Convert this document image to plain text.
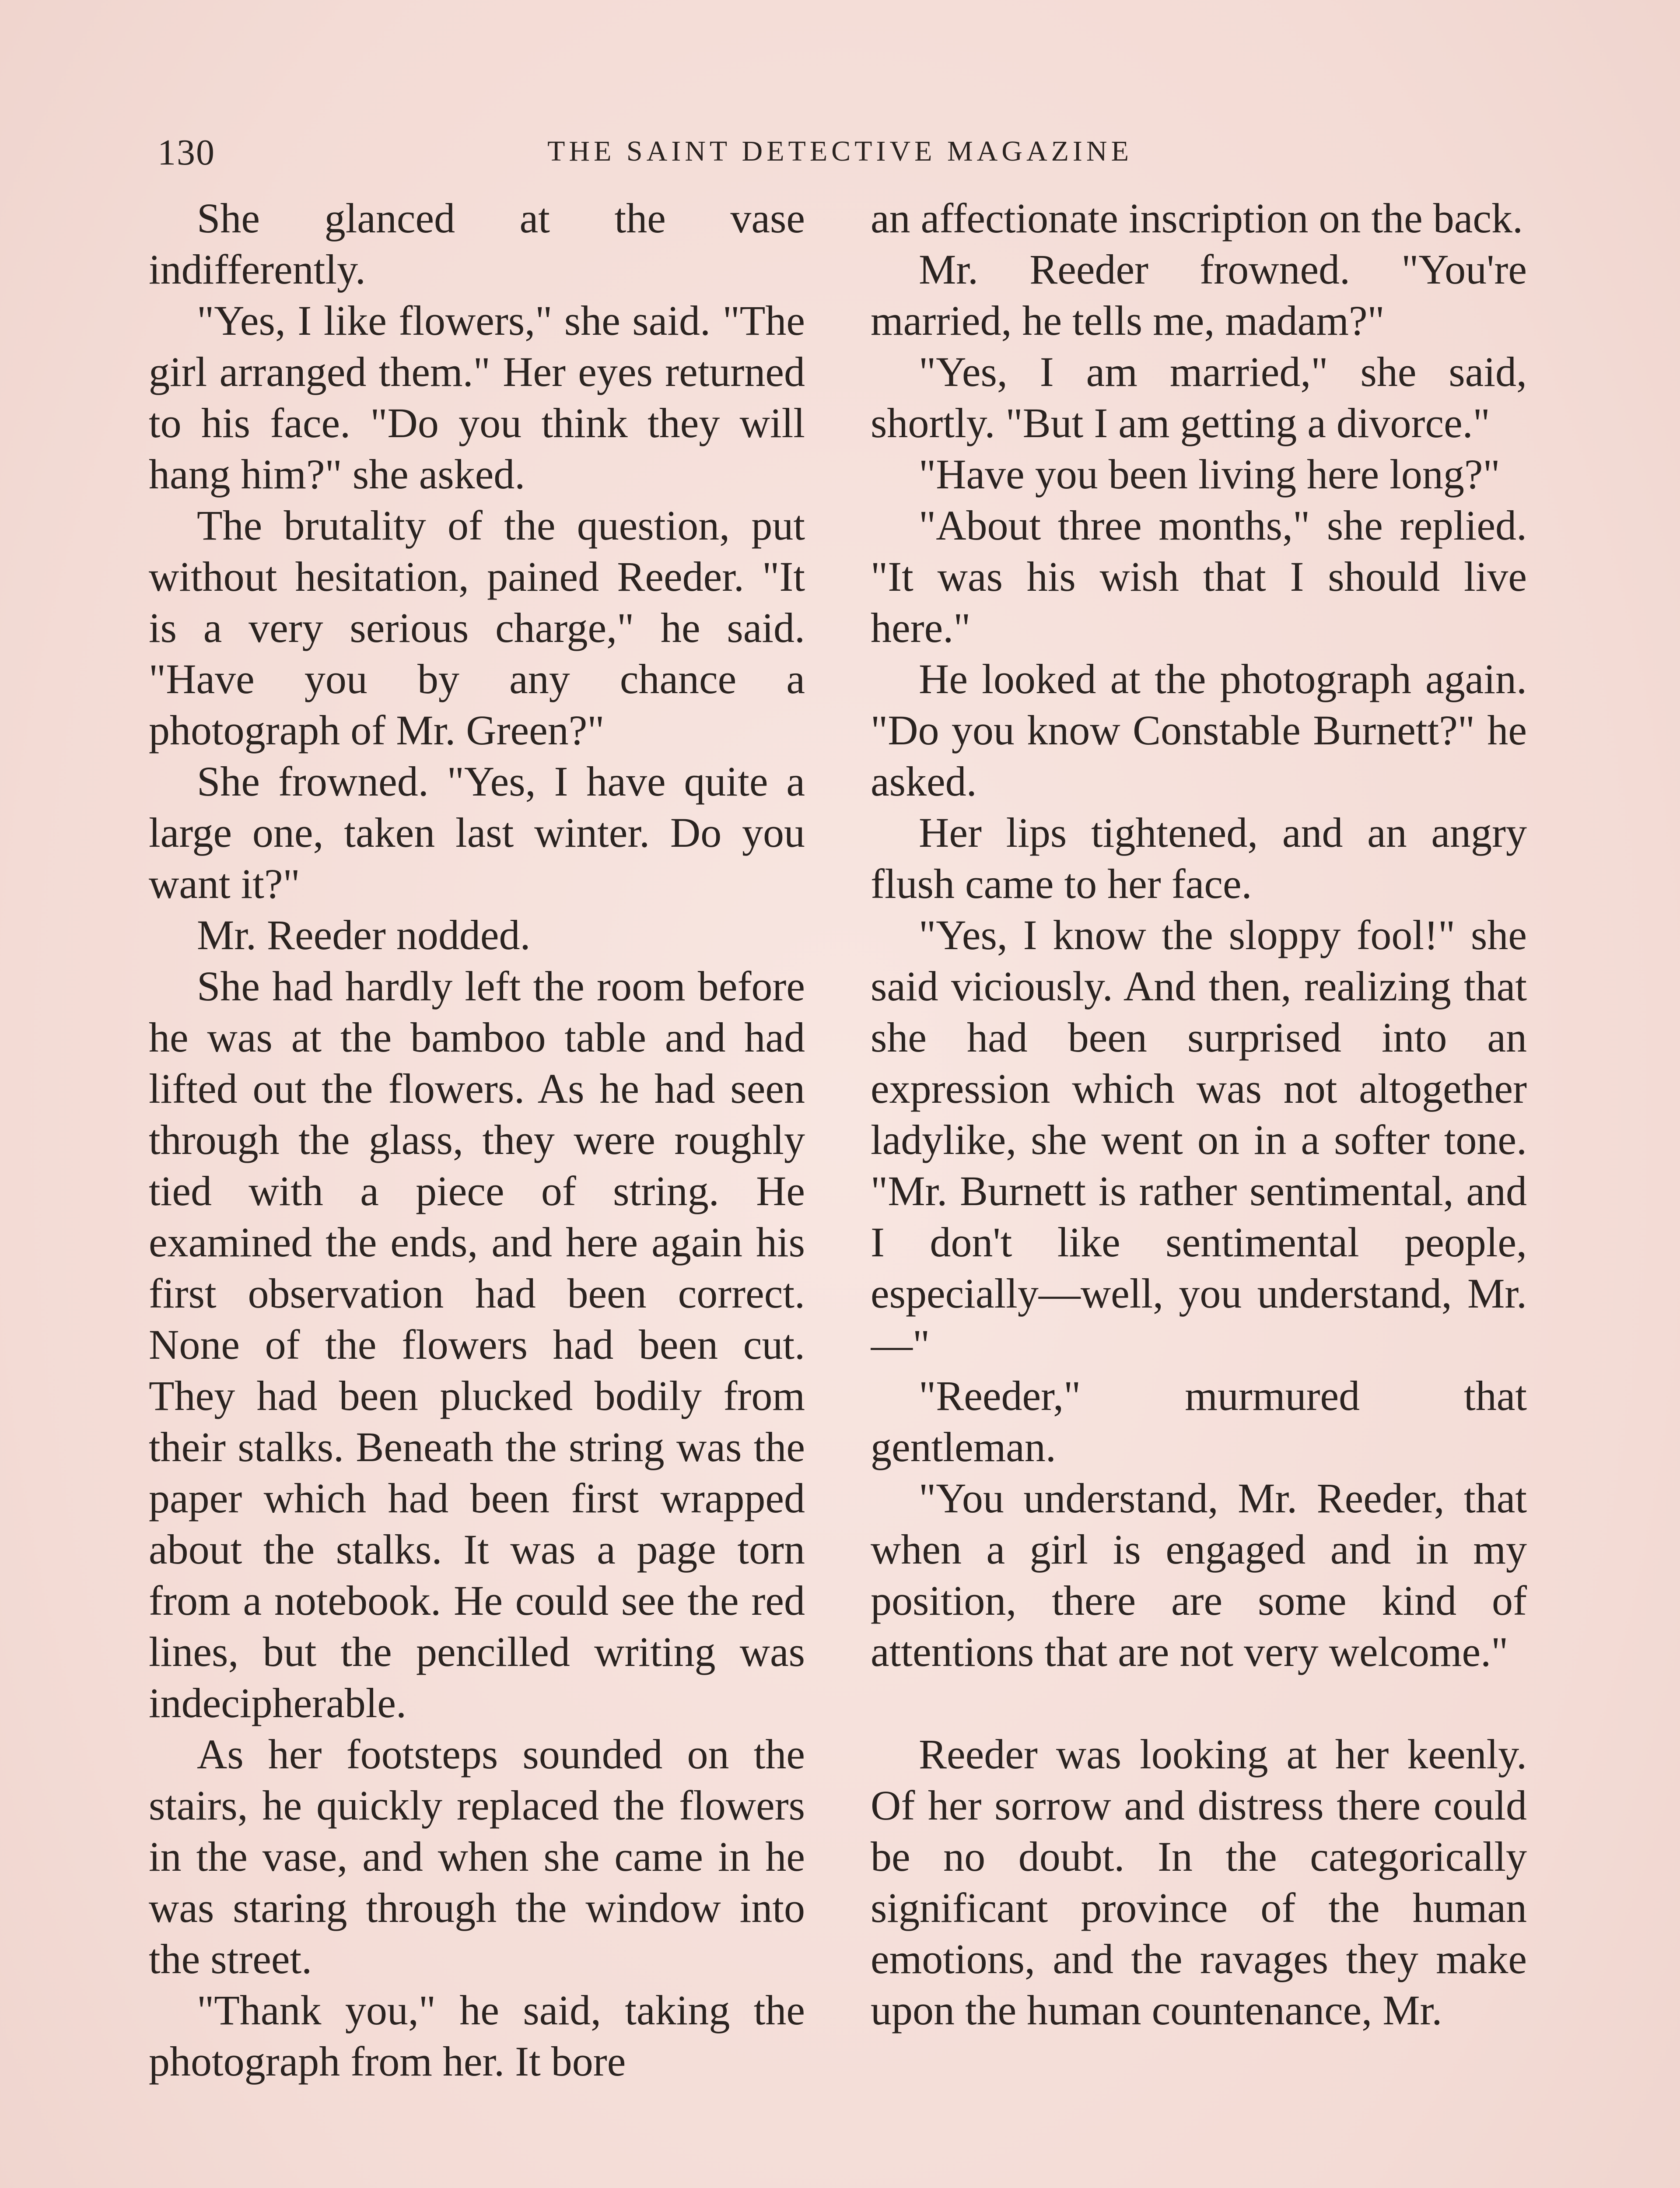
130	THE SAINT DETECTIVE MAGAZINE

She glanced at the vase indifferently.

"Yes, I like flowers," she said. "The girl arranged them." Her eyes returned to his face. "Do you think they will hang him?" she asked.

The brutality of the question, put without hesitation, pained Reeder. "It is a very serious charge," he said. "Have you by any chance a photograph of Mr. Green?"

She frowned. "Yes, I have quite a large one, taken last winter. Do you want it?"

Mr. Reeder nodded.

She had hardly left the room before he was at the bamboo table and had lifted out the flowers. As he had seen through the glass, they were roughly tied with a piece of string. He examined the ends, and here again his first observation had been correct. None of the flowers had been cut. They had been plucked bodily from their stalks. Beneath the string was the paper which had been first wrapped about the stalks. It was a page torn from a notebook. He could see the red lines, but the pencilled writing was indecipherable.

As her footsteps sounded on the stairs, he quickly replaced the flowers in the vase, and when she came in he was staring through the window into the street.

"Thank you," he said, taking the photograph from her. It bore

an affectionate inscription on the back.

Mr. Reeder frowned. "You're married, he tells me, madam?"

"Yes, I am married," she said, shortly. "But I am getting a divorce."

"Have you been living here long?"

"About three months," she replied. "It was his wish that I should live here."

He looked at the photograph again. "Do you know Constable Burnett?" he asked.

Her lips tightened, and an angry flush came to her face.

"Yes, I know the sloppy fool!" she said viciously. And then, realizing that she had been surprised into an expression which was not altogether ladylike, she went on in a softer tone. "Mr. Burnett is rather sentimental, and I don't like sentimental people, especially—well, you understand, Mr.—"

"Reeder," murmured that gentleman.

"You understand, Mr. Reeder, that when a girl is engaged and in my position, there are some kind of attentions that are not very welcome."

Reeder was looking at her keenly. Of her sorrow and distress there could be no doubt. In the categorically significant province of the human emotions, and the ravages they make upon the human countenance, Mr.
